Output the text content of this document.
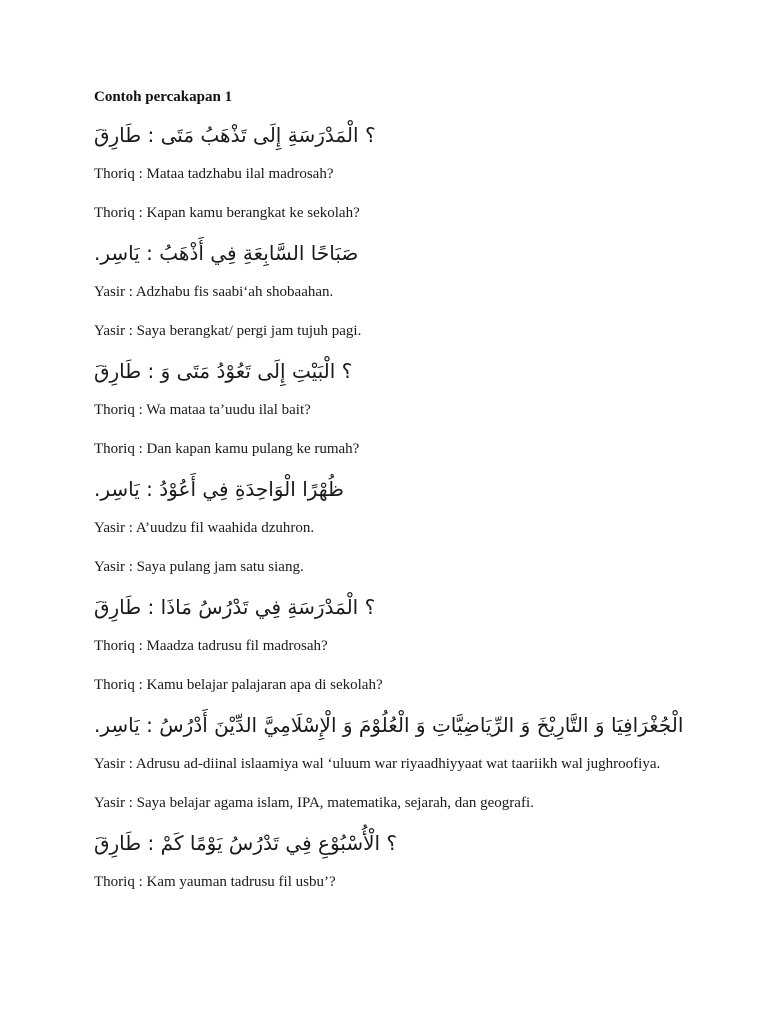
Contoh percakapan 1

طَارِقَ‎ : ‎مَتَى‎ ‎تَذْهَبُ‎ ‎إِلَى‎ ‎الْمَدْرَسَةِ‎ ‎؟

Thoriq : Mataa tadzhabu ilal madrosah?

Thoriq : Kapan kamu berangkat ke sekolah?

.‎يَاسِر‎ : ‎أَذْهَبُ‎ ‎فِي‎ ‎السَّابِعَةِ‎ ‎صَبَاحًا

Yasir : Adzhabu fis saabi‘ah shobaahan.

Yasir : Saya berangkat/ pergi jam tujuh pagi.

طَارِقَ‎ : ‎وَ‎ ‎مَتَى‎ ‎تَعُوْدُ‎ ‎إِلَى‎ ‎الْبَيْتِ‎ ‎؟

Thoriq : Wa mataa ta’uudu ilal bait?

Thoriq : Dan kapan kamu pulang ke rumah?

.‎يَاسِر‎ : ‎أَعُوْدُ‎ ‎فِي‎ ‎الْوَاحِدَةِ‎ ‎ظُهْرًا

Yasir : A’uudzu fil waahida dzuhron.

Yasir : Saya pulang jam satu siang.

طَارِقَ‎ : ‎مَاذَا‎ ‎تَدْرُسُ‎ ‎فِي‎ ‎الْمَدْرَسَةِ‎ ‎؟

Thoriq : Maadza tadrusu fil madrosah?

Thoriq : Kamu belajar palajaran apa di sekolah?

.‎يَاسِر‎ : ‎أَدْرُسُ‎ ‎الدِّيْنَ‎ ‎الْإِسْلَامِيَّ‎ ‎وَ‎ ‎الْعُلُوْمَ‎ ‎وَ‎ ‎الرِّيَاضِيَّاتِ‎ ‎وَ‎ ‎التَّارِيْخَ‎ ‎وَ‎ ‎الْجُغْرَافِيَا

Yasir : Adrusu ad-diinal islaamiya wal ‘uluum war riyaadhiyyaat wat taariikh wal jughroofiya.

Yasir : Saya belajar agama islam, IPA, matematika, sejarah, dan geografi.

طَارِقَ‎ : ‎كَمْ‎ ‎يَوْمًا‎ ‎تَدْرُسُ‎ ‎فِي‎ ‎الْأُسْبُوْعِ‎ ‎؟

Thoriq : Kam yauman tadrusu fil usbu’?
